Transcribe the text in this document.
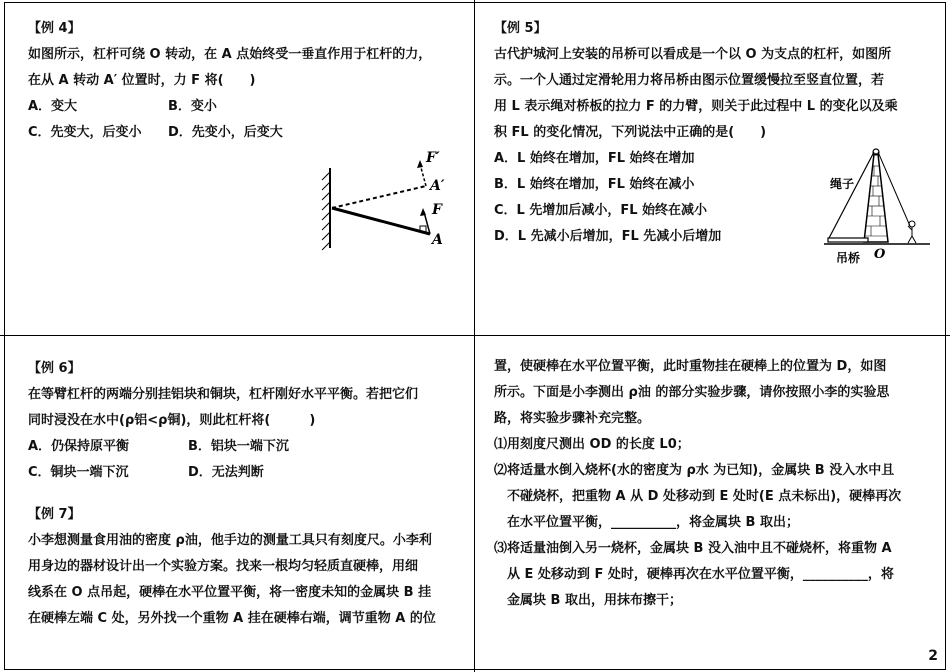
【例 4】
如图所示，杠杆可绕 O 转动，在 A 点始终受一垂直作用于杠杆的力，
在从 A 转动 A′ 位置时，力 F 将(　　)
A．变大	B．变小
C．先变大，后变小	D．先变小，后变大
F′
A′
F
A
【例 5】
古代护城河上安装的吊桥可以看成是一个以 O 为支点的杠杆，如图所
示。一个人通过定滑轮用力将吊桥由图示位置缓慢拉至竖直位置，若
用 L 表示绳对桥板的拉力 F 的力臂，则关于此过程中 L 的变化以及乘
积 FL 的变化情况，下列说法中正确的是(　　)
A．L 始终在增加，FL 始终在增加
B．L 始终在增加，FL 始终在减小
C．L 先增加后减小，FL 始终在减小
D．L 先减小后增加，FL 先减小后增加
绳子
吊桥 O
【例 6】
在等臂杠杆的两端分别挂铝块和铜块，杠杆刚好水平平衡。若把它们
同时浸没在水中(ρ铝<ρ铜)，则此杠杆将(　　　)
A．仍保持原平衡	B．铝块一端下沉
C．铜块一端下沉	D．无法判断
【例 7】
小李想测量食用油的密度 ρ油，他手边的测量工具只有刻度尺。小李利
用身边的器材设计出一个实验方案。找来一根均匀轻质直硬棒，用细
线系在 O 点吊起，硬棒在水平位置平衡，将一密度未知的金属块 B 挂
在硬棒左端 C 处，另外找一个重物 A 挂在硬棒右端，调节重物 A 的位
置，使硬棒在水平位置平衡，此时重物挂在硬棒上的位置为 D，如图
所示。下面是小李测出 ρ油 的部分实验步骤，请你按照小李的实验思
路，将实验步骤补充完整。
⑴用刻度尺测出 OD 的长度 L0；
⑵将适量水倒入烧杯(水的密度为 ρ水 为已知)，金属块 B 没入水中且
　不碰烧杯，把重物 A 从 D 处移动到 E 处时(E 点未标出)，硬棒再次
　在水平位置平衡，__________，将金属块 B 取出；
⑶将适量油倒入另一烧杯，金属块 B 没入油中且不碰烧杯，将重物 A
　从 E 处移动到 F 处时，硬棒再次在水平位置平衡，__________，将
　金属块 B 取出，用抹布擦干；
2
